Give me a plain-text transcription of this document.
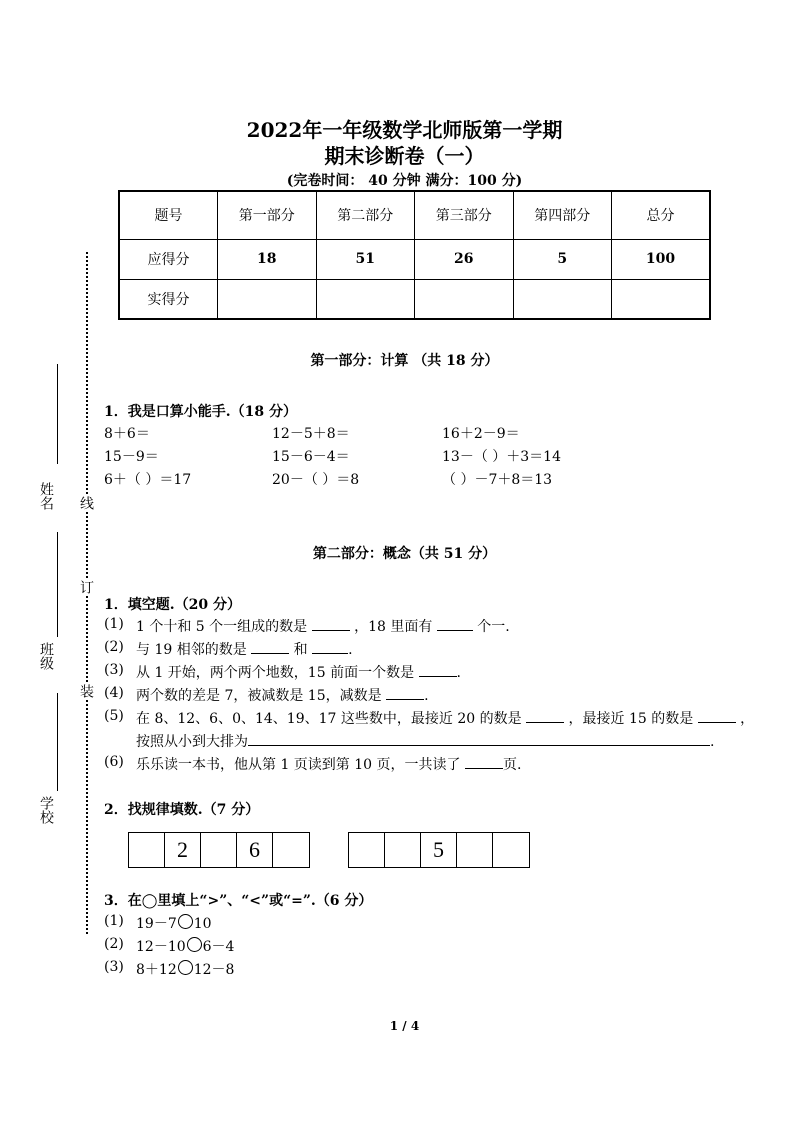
2022年一年级数学北师版第一学期
期末诊断卷（一）
(完卷时间： 40 分钟 满分：100 分)
题号	第一部分	第二部分	第三部分	第四部分	总分
应得分	18	51	26	5	100
实得分					
第一部分：计算 （共 18 分）
1．我是口算小能手.（18 分）
8＋6＝	12－5＋8＝	16＋2－9＝
15－9＝	15－6－4＝	13－（ ）＋3＝14
6＋（ ）＝17	20－（ ）＝8	（ ）－7＋8＝13
第二部分：概念（共 51 分）
1．填空题.（20 分）
(1) 1 个十和 5 个一组成的数是	，18 里面有	个一.
(2) 与 19 相邻的数是	和	.
(3) 从 1 开始，两个两个地数，15 前面一个数是	.
(4) 两个数的差是 7，被减数是 15，减数是	.
(5) 在 8、12、6、0、14、19、17 这些数中，最接近 20 的数是	，最接近 15 的数是	，
按照从小到大排为	.
(6) 乐乐读一本书，他从第 1 页读到第 10 页，一共读了	页.
2．找规律填数.（7 分）
2	6	5
3．在◯里填上“>”、“<”或“=”.（6 分）
(1) 19－7 10
(2) 12－10 6－4
(3) 8＋12 12－8
姓名
班级
学校
线
订
装
1 / 4
